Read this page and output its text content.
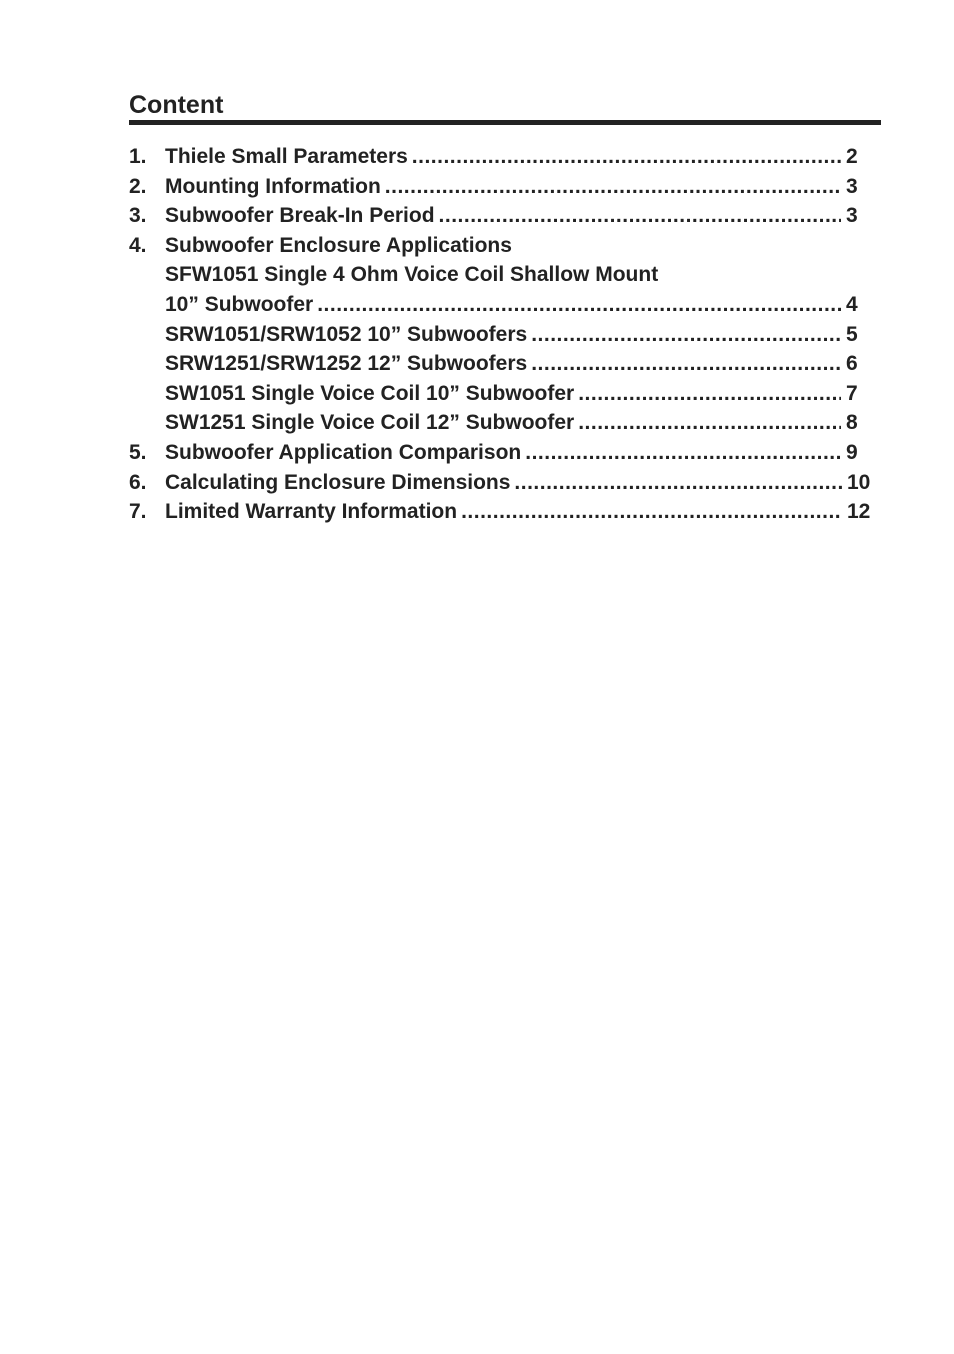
Content
1. Thiele Small Parameters .....	2
2. Mounting Information .....	3
3. Subwoofer Break-In Period .....	3
4. Subwoofer Enclosure Applications
SFW1051 Single 4 Ohm Voice Coil Shallow Mount
10” Subwoofer .....	4
SRW1051/SRW1052 10” Subwoofers .....	5
SRW1251/SRW1252 12” Subwoofers .....	6
SW1051 Single Voice Coil 10” Subwoofer .....	7
SW1251 Single Voice Coil 12” Subwoofer .....	8
5. Subwoofer Application Comparison .....	9
6. Calculating Enclosure Dimensions .....	10
7. Limited Warranty Information .....	12
